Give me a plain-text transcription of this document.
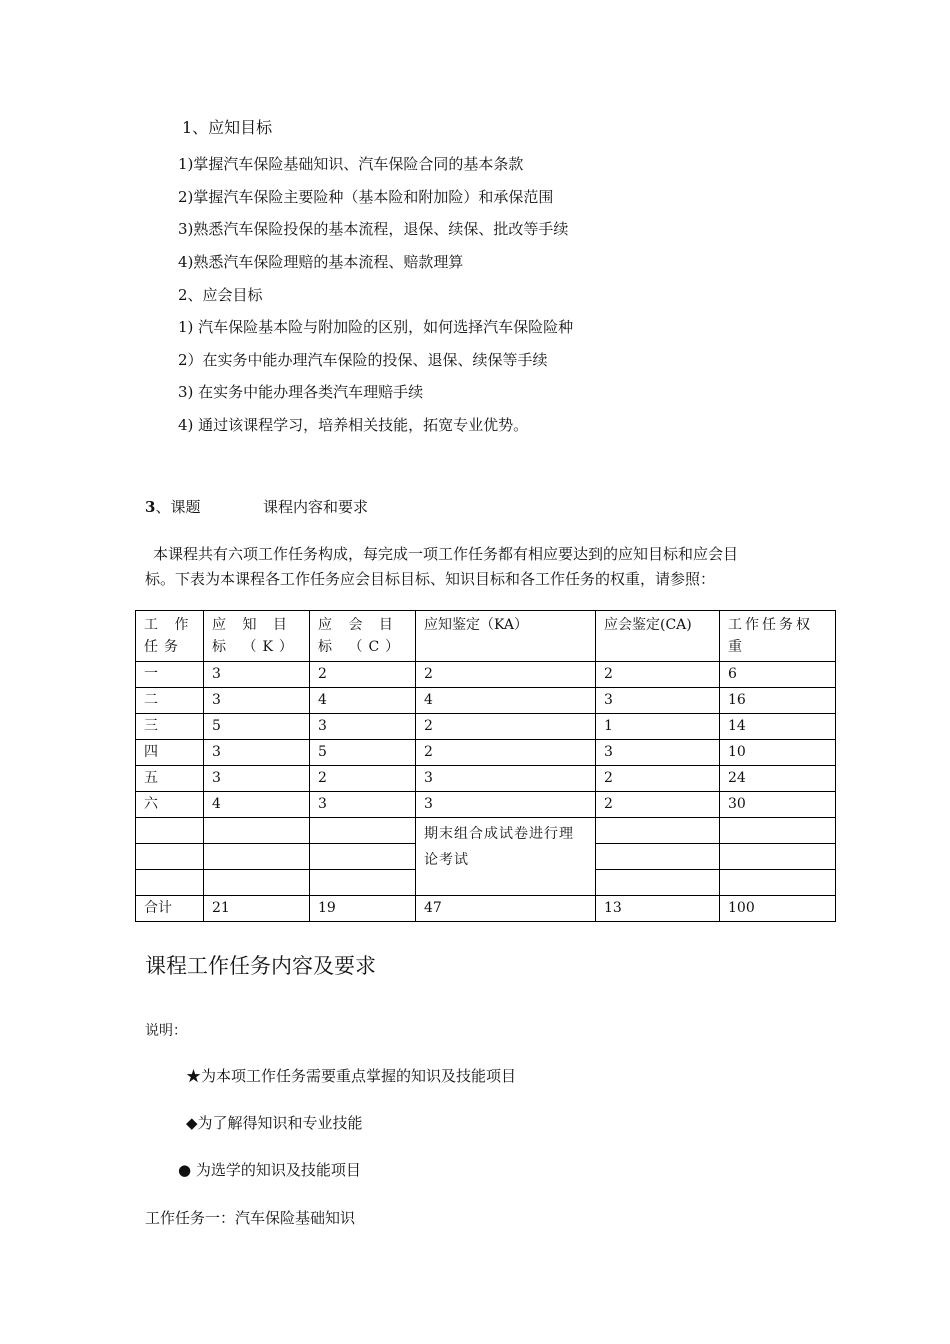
1、应知目标
1)掌握汽车保险基础知识、汽车保险合同的基本条款
2)掌握汽车保险主要险种（基本险和附加险）和承保范围
3)熟悉汽车保险投保的基本流程，退保、续保、批改等手续
4)熟悉汽车保险理赔的基本流程、赔款理算
2、应会目标
1) 汽车保险基本险与附加险的区别，如何选择汽车保险险种
2）在实务中能办理汽车保险的投保、退保、续保等手续
3) 在实务中能办理各类汽车理赔手续
4) 通过该课程学习，培养相关技能，拓宽专业优势。
3、课题	课程内容和要求
本课程共有六项工作任务构成，每完成一项工作任务都有相应要达到的应知目标和应会目
标。下表为本课程各工作任务应会目标目标、知识目标和各工作任务的权重，请参照：
工 作 任务	应 知 目 标 （K）	应 会 目 标 （C）	应知鉴定（KA）	应会鉴定(CA)	工作任务权重
一	3	2	2	2	6
二	3	4	4	3	16
三	5	3	2	1	14
四	3	5	2	3	10
五	3	2	3	2	24
六	4	3	3	2	30
			期末组合成试卷进行理论考试		

合计	21	19	47	13	100
课程工作任务内容及要求
说明：
★为本项工作任务需要重点掌握的知识及技能项目
◆为了解得知识和专业技能
● 为选学的知识及技能项目
工作任务一：汽车保险基础知识
